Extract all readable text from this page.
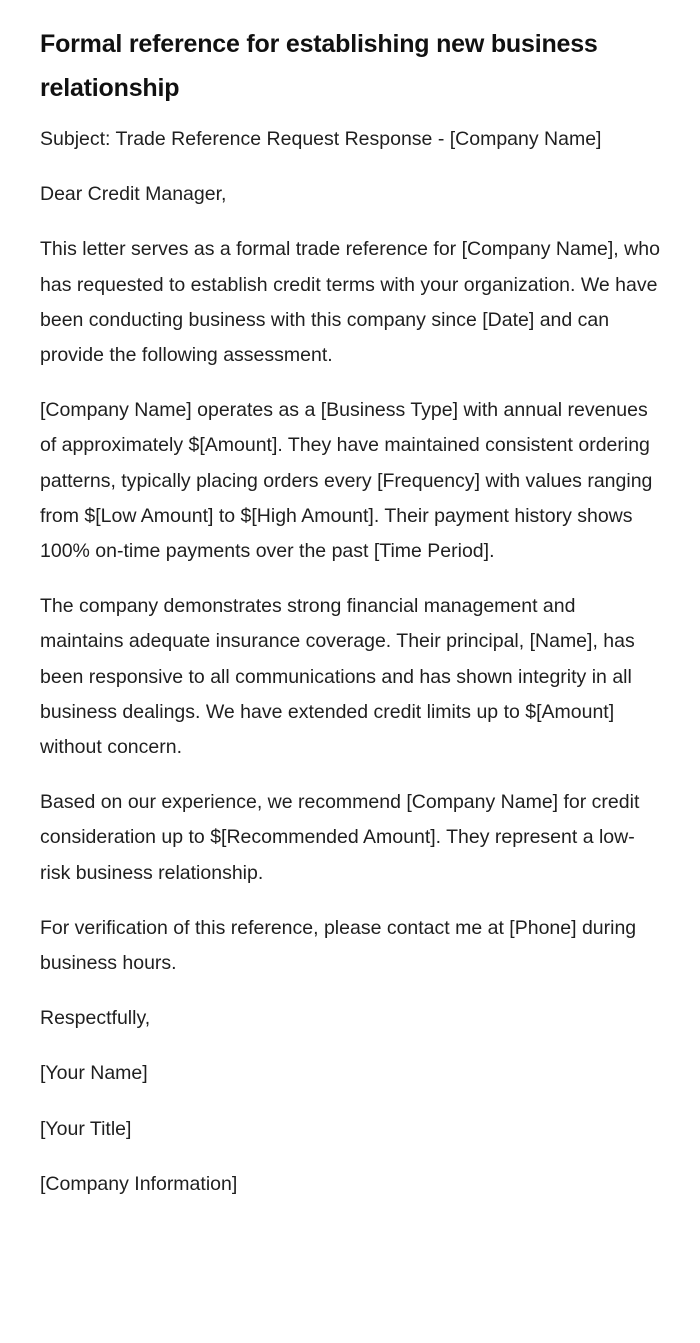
Formal reference for establishing new business relationship

Subject: Trade Reference Request Response - [Company Name]

Dear Credit Manager,

This letter serves as a formal trade reference for [Company Name], who has requested to establish credit terms with your organization. We have been conducting business with this company since [Date] and can provide the following assessment.

[Company Name] operates as a [Business Type] with annual revenues of approximately $[Amount]. They have maintained consistent ordering patterns, typically placing orders every [Frequency] with values ranging from $[Low Amount] to $[High Amount]. Their payment history shows 100% on-time payments over the past [Time Period].

The company demonstrates strong financial management and maintains adequate insurance coverage. Their principal, [Name], has been responsive to all communications and has shown integrity in all business dealings. We have extended credit limits up to $[Amount] without concern.

Based on our experience, we recommend [Company Name] for credit consideration up to $[Recommended Amount]. They represent a low-risk business relationship.

For verification of this reference, please contact me at [Phone] during business hours.

Respectfully,

[Your Name]

[Your Title]

[Company Information]
